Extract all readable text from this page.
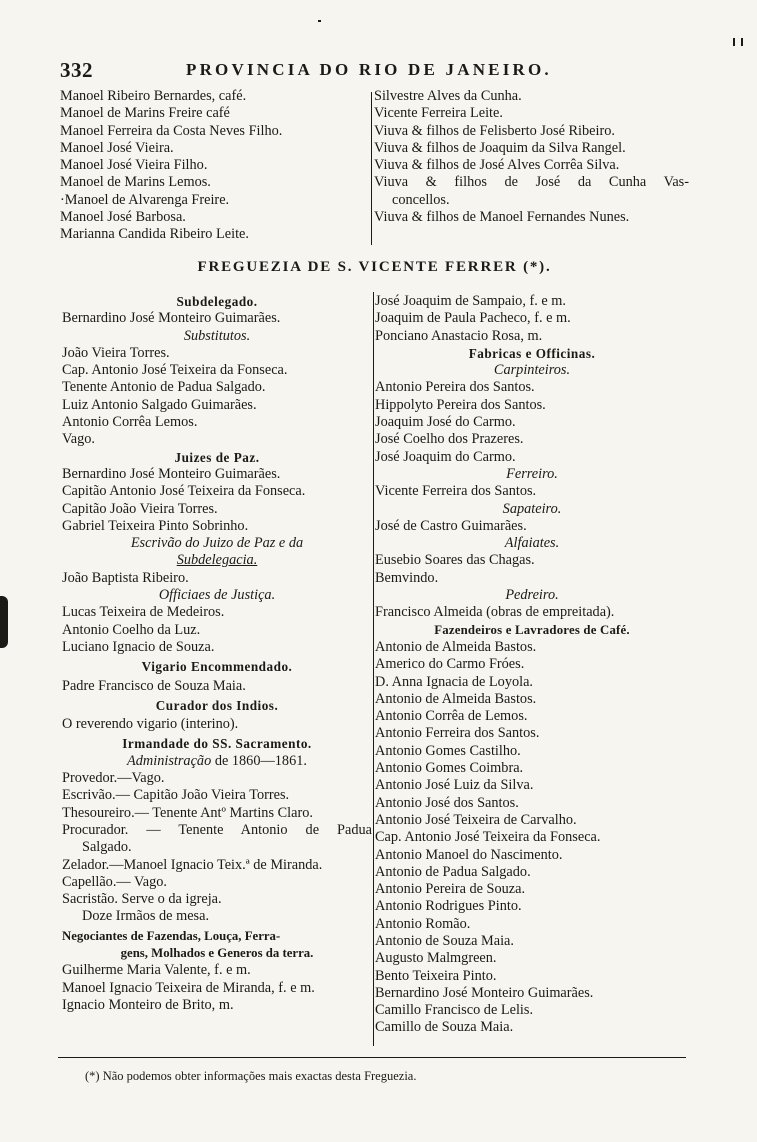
332	PROVINCIA DO RIO DE JANEIRO.
Manoel Ribeiro Bernardes, café.
Manoel de Marins Freire café
Manoel Ferreira da Costa Neves Filho.
Manoel José Vieira.
Manoel José Vieira Filho.
Manoel de Marins Lemos.
·Manoel de Alvarenga Freire.
Manoel José Barbosa.
Marianna Candida Ribeiro Leite.
Silvestre Alves da Cunha.
Vicente Ferreira Leite.
Viuva & filhos de Felisberto José Ribeiro.
Viuva & filhos de Joaquim da Silva Rangel.
Viuva & filhos de José Alves Corrêa Silva.
Viuva & filhos de José da Cunha Vas-
concellos.
Viuva & filhos de Manoel Fernandes Nunes.
FREGUEZIA DE S. VICENTE FERRER (*).
Subdelegado.
Bernardino José Monteiro Guimarães.
Substitutos.
João Vieira Torres.
Cap. Antonio José Teixeira da Fonseca.
Tenente Antonio de Padua Salgado.
Luiz Antonio Salgado Guimarães.
Antonio Corrêa Lemos.
Vago.
Juizes de Paz.
Bernardino José Monteiro Guimarães.
Capitão Antonio José Teixeira da Fonseca.
Capitão João Vieira Torres.
Gabriel Teixeira Pinto Sobrinho.
Escrivão do Juizo de Paz e da
Subdelegacia.
João Baptista Ribeiro.
Officiaes de Justiça.
Lucas Teixeira de Medeiros.
Antonio Coelho da Luz.
Luciano Ignacio de Souza.
Vigario Encommendado.
Padre Francisco de Souza Maia.
Curador dos Indios.
O reverendo vigario (interino).
Irmandade do SS. Sacramento.
Administração de 1860—1861.
Provedor.—Vago.
Escrivão.— Capitão João Vieira Torres.
Thesoureiro.— Tenente Antº Martins Claro.
Procurador. — Tenente Antonio de Padua
Salgado.
Zelador.—Manoel Ignacio Teix.ª de Miranda.
Capellão.— Vago.
Sacristão. Serve o da igreja.
Doze Irmãos de mesa.
Negociantes de Fazendas, Louça, Ferra-
gens, Molhados e Generos da terra.
Guilherme Maria Valente, f. e m.
Manoel Ignacio Teixeira de Miranda, f. e m.
Ignacio Monteiro de Brito, m.
José Joaquim de Sampaio, f. e m.
Joaquim de Paula Pacheco, f. e m.
Ponciano Anastacio Rosa, m.
Fabricas e Officinas.
Carpinteiros.
Antonio Pereira dos Santos.
Hippolyto Pereira dos Santos.
Joaquim José do Carmo.
José Coelho dos Prazeres.
José Joaquim do Carmo.
Ferreiro.
Vicente Ferreira dos Santos.
Sapateiro.
José de Castro Guimarães.
Alfaiates.
Eusebio Soares das Chagas.
Bemvindo.
Pedreiro.
Francisco Almeida (obras de empreitada).
Fazendeiros e Lavradores de Café.
Antonio de Almeida Bastos.
Americo do Carmo Fróes.
D. Anna Ignacia de Loyola.
Antonio de Almeida Bastos.
Antonio Corrêa de Lemos.
Antonio Ferreira dos Santos.
Antonio Gomes Castilho.
Antonio Gomes Coimbra.
Antonio José Luiz da Silva.
Antonio José dos Santos.
Antonio José Teixeira de Carvalho.
Cap. Antonio José Teixeira da Fonseca.
Antonio Manoel do Nascimento.
Antonio de Padua Salgado.
Antonio Pereira de Souza.
Antonio Rodrigues Pinto.
Antonio Romão.
Antonio de Souza Maia.
Augusto Malmgreen.
Bento Teixeira Pinto.
Bernardino José Monteiro Guimarães.
Camillo Francisco de Lelis.
Camillo de Souza Maia.
(*) Não podemos obter informações mais exactas desta Freguezia.
